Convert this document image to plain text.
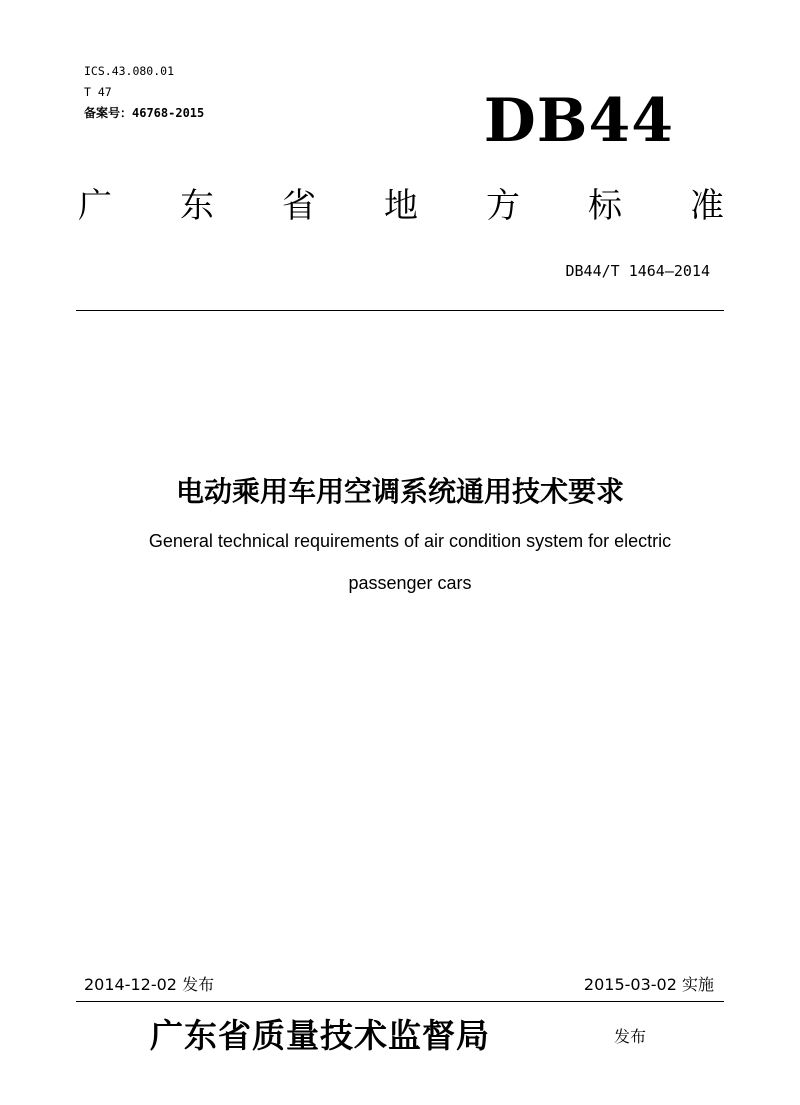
ICS.43.080.01
T 47
备案号：46768-2015	DB44
广 东 省 地 方 标 准
DB44/T 1464—2014
电动乘用车用空调系统通用技术要求
General technical requirements of air condition system for electric
passenger cars
2014-12-02 发布	2015-03-02 实施
广东省质量技术监督局	发布
